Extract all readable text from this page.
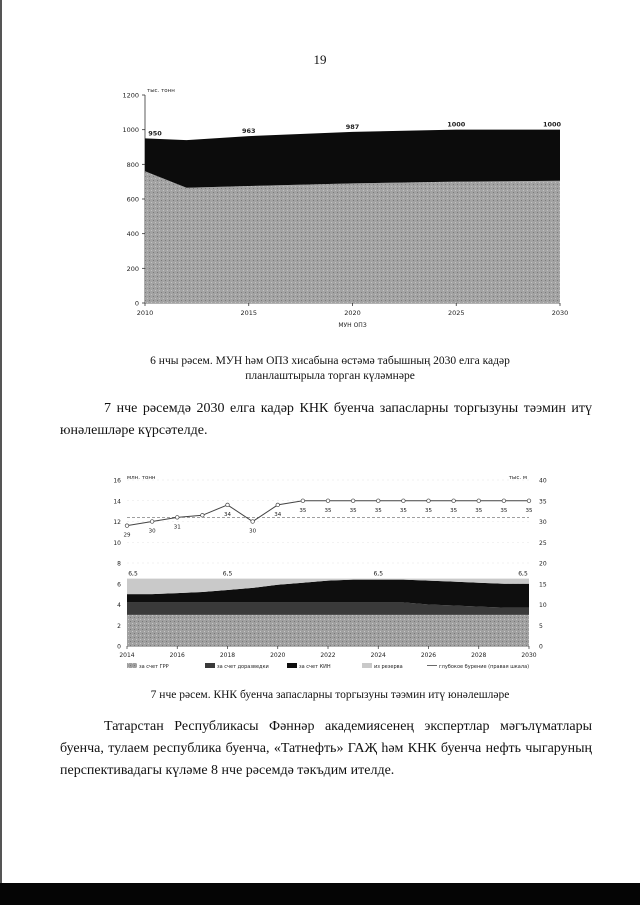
19
0
200
400
600
800
1000
1200
2010	2015	2020	2025	2030
тыс. тонн
950	963
987	1000	1000
МУН ОПЗ
6 нчы рәсем. МУН һәм ОПЗ хисабына өстәмә табышның 2030 елга кадәр
планлаштырыла торган күләмнәре
7 нче рәсемдә 2030 елга кадәр КНК буенча запасларны торгызуны тәэмин итү юнәлешләре күрсәтелде.
0
2
4
6
8
10
12
14
16
0
5
10
15
20
25
30
35
40
2014	2016	2018	2020	2022	2024	2026	2028	2030
млн. тонн	тыс. м
6,5	6,5	6,5	6,5
29
30
31
34
30
34
35	35	35	35	35	35	35	35	35	35
за счет ГРР	за счет доразведки	за счет КИН	из резерва	глубокое бурение (правая шкала)
7 нче рәсем. КНК буенча запасларны торгызуны тәэмин итү юнәлешләре
Татарстан Республикасы Фәннәр академиясенең экспертлар мәгълүматлары буенча, тулаем республика буенча, «Татнефть» ГАҖ һәм КНК буенча нефть чыгаруның перспективадагы күләме 8 нче рәсемдә тәкъдим ителде.
